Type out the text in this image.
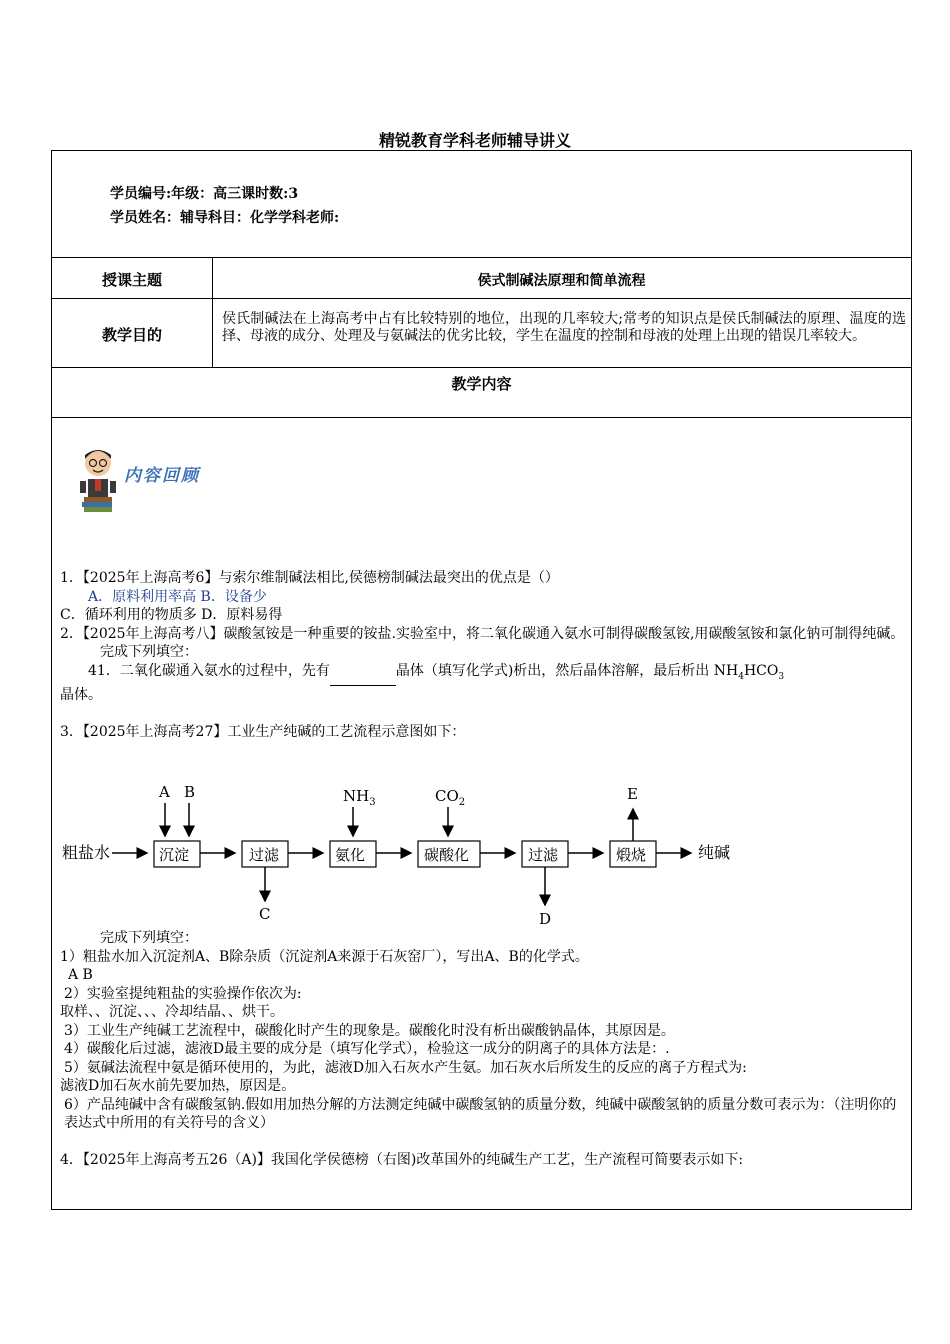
精锐教育学科老师辅导讲义
学员编号:年级：高三课时数:3
学员姓名：辅导科目：化学学科老师:
授课主题	侯式制碱法原理和简单流程
教学目的
侯氏制碱法在上海高考中占有比较特别的地位，出现的几率较大;常考的知识点是侯氏制碱法的原理、温度的选择、母液的成分、处理及与氨碱法的优劣比较，学生在温度的控制和母液的处理上出现的错误几率较大。
教学内容
内容回顾

1．【2025年上海高考6】与索尔维制碱法相比,侯德榜制碱法最突出的优点是（）

A．原料利用率高 B．设备少

C．循环利用的物质多 D．原料易得

2．【2025年上海高考八】碳酸氢铵是一种重要的铵盐.实验室中，将二氧化碳通入氨水可制得碳酸氢铵,用碳酸氢铵和氯化钠可制得纯碱。

完成下列填空：

41．二氧化碳通入氨水的过程中，先有	晶体（填写化学式)析出，然后晶体溶解，最后析出 $NH_4HCO_3$

晶体。

3．【2025年上海高考27】工业生产纯碱的工艺流程示意图如下：

粗盐水	沉淀	过滤	氨化	碳酸化	过滤	煅烧	纯碱
A B	$NH_3$	$CO_2$	E
C	D

完成下列填空：

1）粗盐水加入沉淀剂A、B除杂质（沉淀剂A来源于石灰窑厂），写出A、B的化学式。

A B

2）实验室提纯粗盐的实验操作依次为:

取样、、沉淀、、、冷却结晶、、烘干。

3）工业生产纯碱工艺流程中，碳酸化时产生的现象是。碳酸化时没有析出碳酸钠晶体，其原因是。

4）碳酸化后过滤，滤液D最主要的成分是（填写化学式），检验这一成分的阴离子的具体方法是：.

5）氨碱法流程中氨是循环使用的，为此，滤液D加入石灰水产生氨。加石灰水后所发生的反应的离子方程式为:

滤液D加石灰水前先要加热，原因是。

6）产品纯碱中含有碳酸氢钠.假如用加热分解的方法测定纯碱中碳酸氢钠的质量分数，纯碱中碳酸氢钠的质量分数可表示为：（注明你的表达式中所用的有关符号的含义）

4．【2025年上海高考五26（A)】我国化学侯德榜（右图)改革国外的纯碱生产工艺，生产流程可简要表示如下:
